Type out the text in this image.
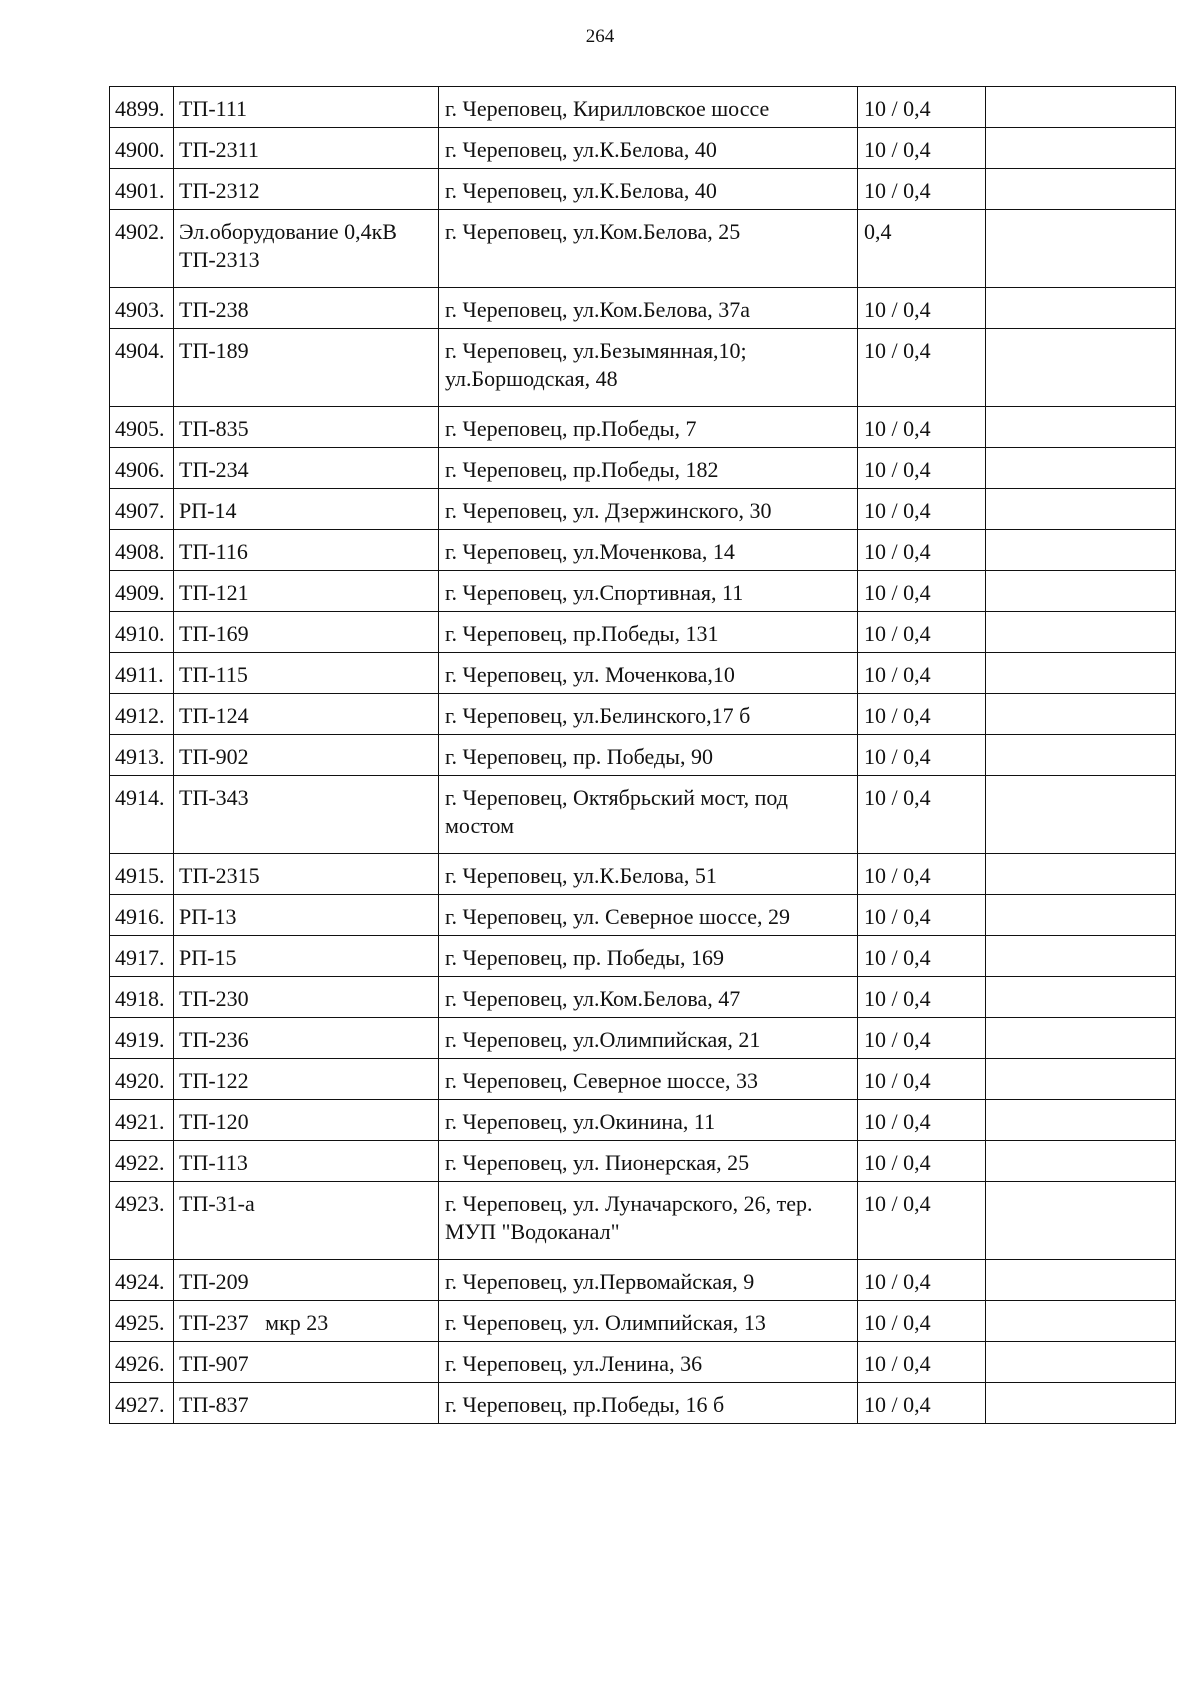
264
4899.	ТП-111	г. Череповец, Кирилловское шоссе	10 / 0,4	
4900.	ТП-2311	г. Череповец, ул.К.Белова, 40	10 / 0,4	
4901.	ТП-2312	г. Череповец, ул.К.Белова, 40	10 / 0,4	
4902.	Эл.оборудование 0,4кВ ТП-2313	г. Череповец, ул.Ком.Белова, 25	0,4	
4903.	ТП-238	г. Череповец, ул.Ком.Белова, 37а	10 / 0,4	
4904.	ТП-189	г. Череповец, ул.Безымянная,10; ул.Боршодская, 48	10 / 0,4	
4905.	ТП-835	г. Череповец, пр.Победы, 7	10 / 0,4	
4906.	ТП-234	г. Череповец, пр.Победы, 182	10 / 0,4	
4907.	РП-14	г. Череповец, ул. Дзержинского, 30	10 / 0,4	
4908.	ТП-116	г. Череповец, ул.Моченкова, 14	10 / 0,4	
4909.	ТП-121	г. Череповец, ул.Спортивная, 11	10 / 0,4	
4910.	ТП-169	г. Череповец, пр.Победы, 131	10 / 0,4	
4911.	ТП-115	г. Череповец, ул. Моченкова,10	10 / 0,4	
4912.	ТП-124	г. Череповец, ул.Белинского,17 б	10 / 0,4	
4913.	ТП-902	г. Череповец, пр. Победы, 90	10 / 0,4	
4914.	ТП-343	г. Череповец, Октябрьский мост, под мостом	10 / 0,4	
4915.	ТП-2315	г. Череповец, ул.К.Белова, 51	10 / 0,4	
4916.	РП-13	г. Череповец, ул. Северное шоссе, 29	10 / 0,4	
4917.	РП-15	г. Череповец, пр. Победы, 169	10 / 0,4	
4918.	ТП-230	г. Череповец, ул.Ком.Белова, 47	10 / 0,4	
4919.	ТП-236	г. Череповец, ул.Олимпийская, 21	10 / 0,4	
4920.	ТП-122	г. Череповец, Северное шоссе, 33	10 / 0,4	
4921.	ТП-120	г. Череповец, ул.Окинина, 11	10 / 0,4	
4922.	ТП-113	г. Череповец, ул. Пионерская, 25	10 / 0,4	
4923.	ТП-31-а	г. Череповец, ул. Луначарского, 26, тер. МУП "Водоканал"	10 / 0,4	
4924.	ТП-209	г. Череповец, ул.Первомайская, 9	10 / 0,4	
4925.	ТП-237   мкр 23	г. Череповец, ул. Олимпийская, 13	10 / 0,4	
4926.	ТП-907	г. Череповец, ул.Ленина, 36	10 / 0,4	
4927.	ТП-837	г. Череповец, пр.Победы, 16 б	10 / 0,4	
